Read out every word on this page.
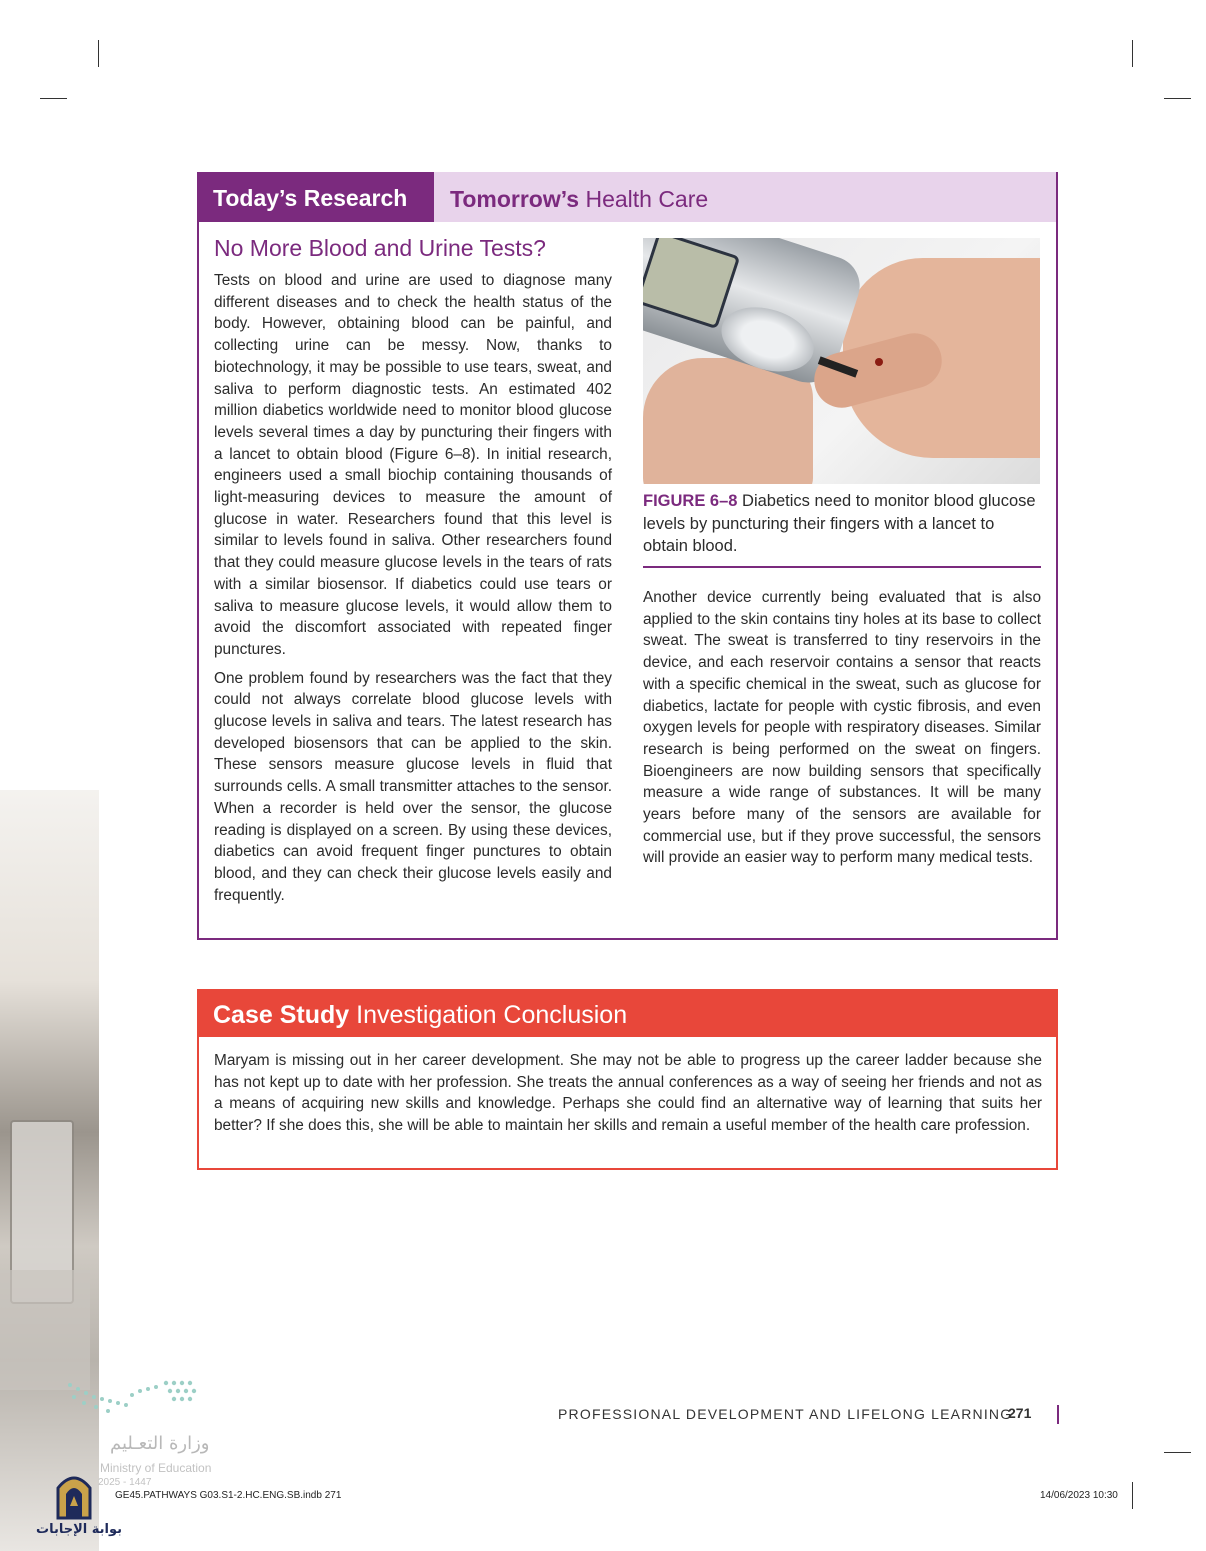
Today’s Research	Tomorrow’s Health Care
No More Blood and Urine Tests?

Tests on blood and urine are used to diagnose many different diseases and to check the health status of the body. However, obtaining blood can be painful, and collecting urine can be messy. Now, thanks to biotechnology, it may be possible to use tears, sweat, and saliva to perform diagnostic tests. An estimated 402 million diabetics worldwide need to monitor blood glucose levels several times a day by puncturing their fingers with a lancet to obtain blood (Figure 6–8). In initial research, engineers used a small biochip containing thousands of light-measuring devices to measure the amount of glucose in water. Researchers found that this level is similar to levels found in saliva. Other researchers found that they could measure glucose levels in the tears of rats with a similar biosensor. If diabetics could use tears or saliva to measure glucose levels, it would allow them to avoid the discomfort associated with repeated finger punctures.

One problem found by researchers was the fact that they could not always correlate blood glucose levels with glucose levels in saliva and tears. The latest research has developed biosensors that can be applied to the skin. These sensors measure glucose levels in fluid that surrounds cells. A small transmitter attaches to the sensor. When a recorder is held over the sensor, the glucose reading is displayed on a screen. By using these devices, diabetics can avoid frequent finger punctures to obtain blood, and they can check their glucose levels easily and frequently.

FIGURE 6–8 Diabetics need to monitor blood glucose levels by puncturing their fingers with a lancet to obtain blood.

Another device currently being evaluated that is also applied to the skin contains tiny holes at its base to collect sweat. The sweat is transferred to tiny reservoirs in the device, and each reservoir contains a sensor that reacts with a specific chemical in the sweat, such as glucose for diabetics, lactate for people with cystic fibrosis, and even oxygen levels for people with respiratory diseases. Similar research is being performed on the sweat on fingers. Bioengineers are now building sensors that specifically measure a wide range of substances. It will be many years before many of the sensors are available for commercial use, but if they prove successful, the sensors will provide an easier way to perform many medical tests.

Case Study Investigation Conclusion
Maryam is missing out in her career development. She may not be able to progress up the career ladder because she has not kept up to date with her profession. She treats the annual conferences as a way of seeing her friends and not as a means of acquiring new skills and knowledge. Perhaps she could find an alternative way of learning that suits her better? If she does this, she will be able to maintain her skills and remain a useful member of the health care profession.
PROFESSIONAL DEVELOPMENT AND LIFELONG LEARNING
271
GE45.PATHWAYS G03.S1-2.HC.ENG.SB.indb 271	14/06/2023 10:30
وزارة التعـليم
Ministry of Education
2025 - 1447
بوابة الإجابات
